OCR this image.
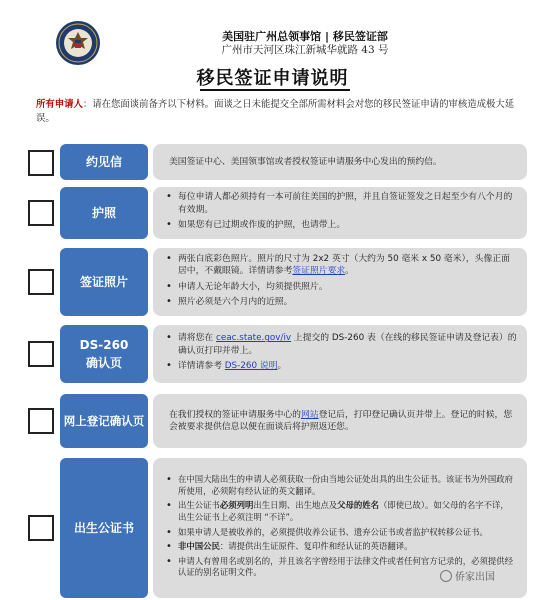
美国驻广州总领事馆 | 移民签证部
广州市天河区珠江新城华就路 43 号
移民签证申请说明
所有申请人：请在您面谈前备齐以下材料。面谈之日未能提交全部所需材料会对您的移民签证申请的审核造成极大延误。
约见信	美国签证中心、美国领事馆或者授权签证申请服务中心发出的预约信。
护照
• 每位申请人都必须持有一本可前往美国的护照，并且自签证签发之日起至少有八个月的有效期。
• 如果您有已过期或作废的护照，也请带上。
签证照片
• 两张白底彩色照片。照片的尺寸为 2x2 英寸（大约为 50 毫米 x 50 毫米），头像正面居中，不戴眼镜。详情请参考签证照片要求。
• 申请人无论年龄大小，均须提供照片。
• 照片必须是六个月内的近照。
DS-260
确认页
• 请将您在 ceac.state.gov/iv 上提交的 DS-260 表（在线的移民签证申请及登记表）的确认页打印并带上。
• 详情请参考 DS-260 说明。
网上登记确认页	在我们授权的签证申请服务中心的网站登记后，打印登记确认页并带上。登记的时候，您会被要求提供信息以便在面谈后将护照返还您。
出生公证书
• 在中国大陆出生的申请人必须获取一份由当地公证处出具的出生公证书。该证书为外国政府所使用，必须附有经认证的英文翻译。
• 出生公证书必须列明出生日期、出生地点及父母的姓名（即使已故）。如父母的名字不详，出生公证书上必须注明 “不详”。
• 如果申请人是被收养的，必须提供收养公证书、遗弃公证书或者监护权转移公证书。
• 非中国公民：请提供出生证原件、复印件和经认证的英语翻译。
• 申请人有曾用名或别名的，并且该名字曾经用于法律文件或者任何官方记录的，必须提供经认证的别名证明文件。	侨家出国
